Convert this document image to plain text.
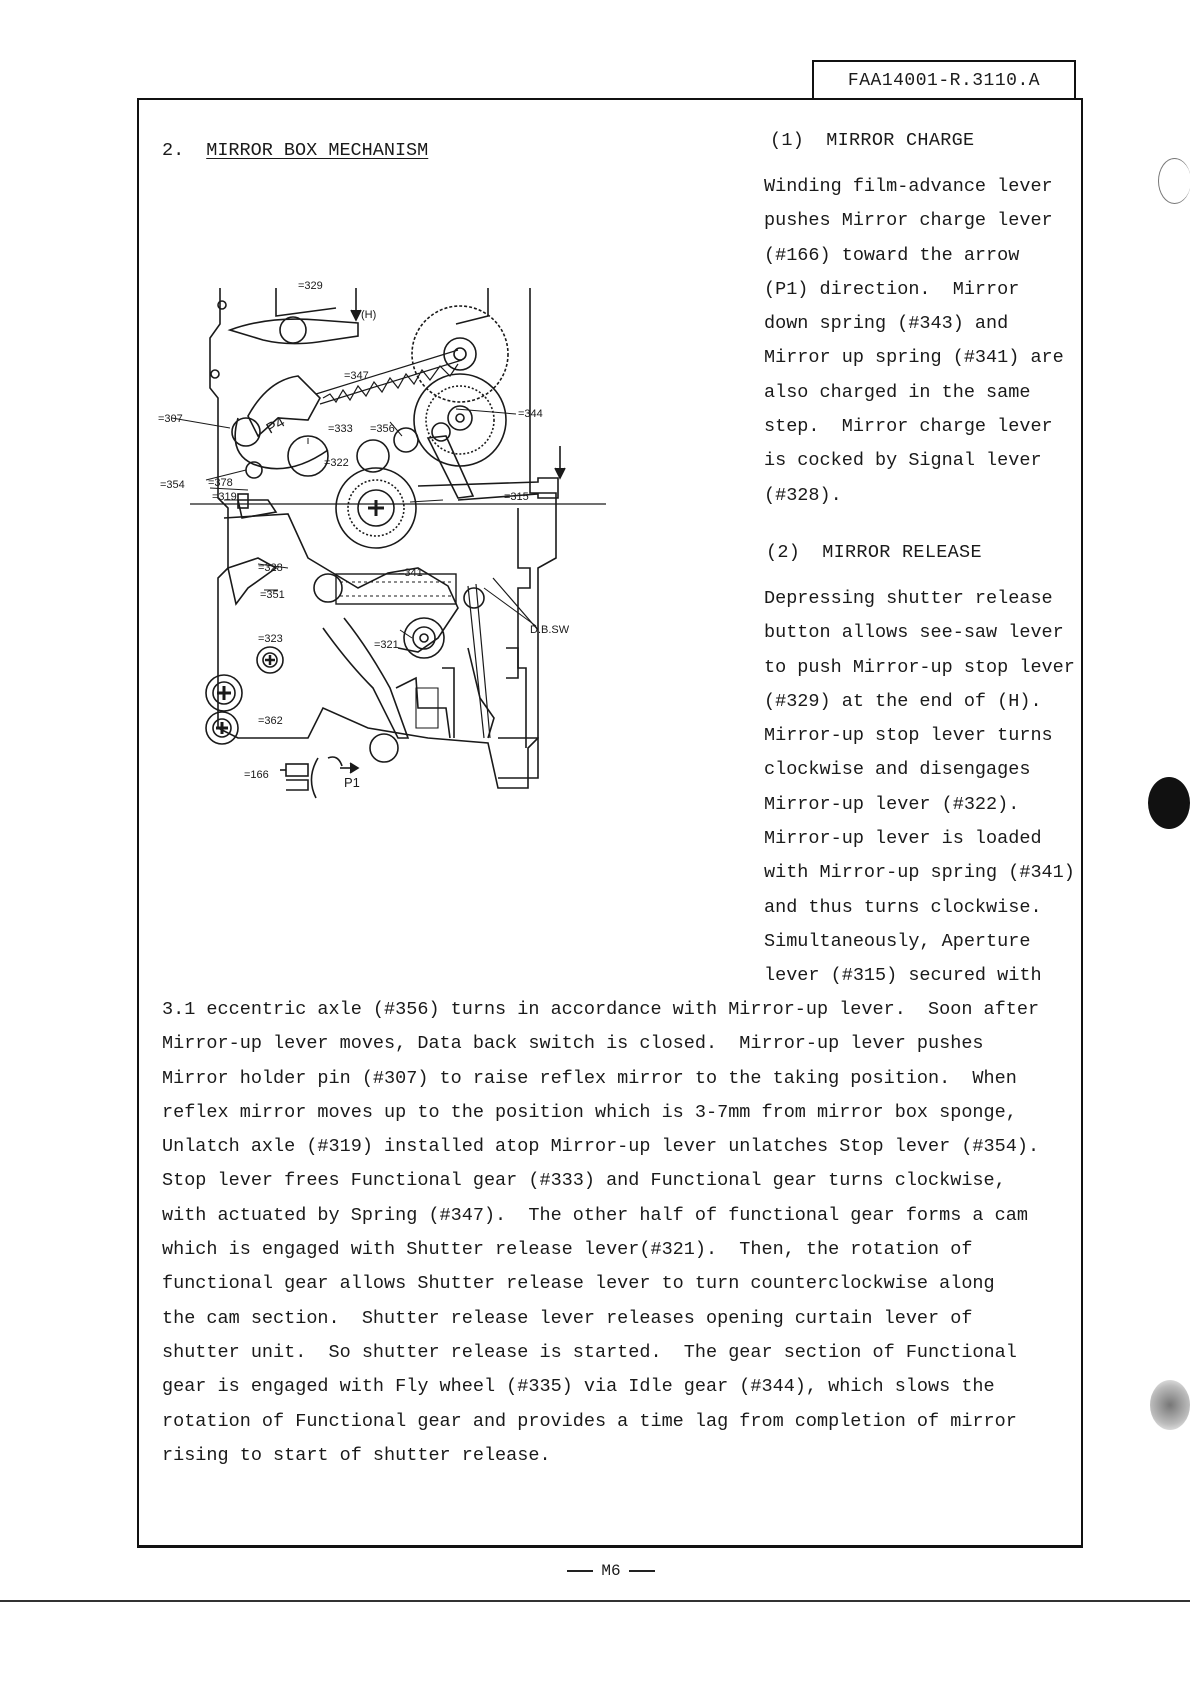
FAA14001-R.3110.A
2. MIRROR BOX MECHANISM	(1) MIRROR CHARGE
Winding film-advance lever
pushes Mirror charge lever
(#166) toward the arrow
(P1) direction.  Mirror
down spring (#343) and
Mirror up spring (#341) are
also charged in the same
step.  Mirror charge lever
is cocked by Signal lever
(#328).
(2) MIRROR RELEASE
Depressing shutter release
button allows see-saw lever
to push Mirror-up stop lever
(#329) at the end of (H).
Mirror-up stop lever turns
clockwise and disengages
Mirror-up lever (#322).
Mirror-up lever is loaded
with Mirror-up spring (#341)
and thus turns clockwise.
Simultaneously, Aperture
lever (#315) secured with
3.1 eccentric axle (#356) turns in accordance with Mirror-up lever.  Soon after
Mirror-up lever moves, Data back switch is closed.  Mirror-up lever pushes
Mirror holder pin (#307) to raise reflex mirror to the taking position.  When
reflex mirror moves up to the position which is 3-7mm from mirror box sponge,
Unlatch axle (#319) installed atop Mirror-up lever unlatches Stop lever (#354).
Stop lever frees Functional gear (#333) and Functional gear turns clockwise,
with actuated by Spring (#347).  The other half of functional gear forms a cam
which is engaged with Shutter release lever(#321).  Then, the rotation of
functional gear allows Shutter release lever to turn counterclockwise along
the cam section.  Shutter release lever releases opening curtain lever of
shutter unit.  So shutter release is started.  The gear section of Functional
gear is engaged with Fly wheel (#335) via Idle gear (#344), which slows the
rotation of Functional gear and provides a time lag from completion of mirror
rising to start of shutter release.
=329
(H)
=347
=344
P4
=307
=333 =356
=322
=354 =378
=319	=315
=328	=341
=351
=323	=321
D.B.SW
=362
=166	P1
M6
